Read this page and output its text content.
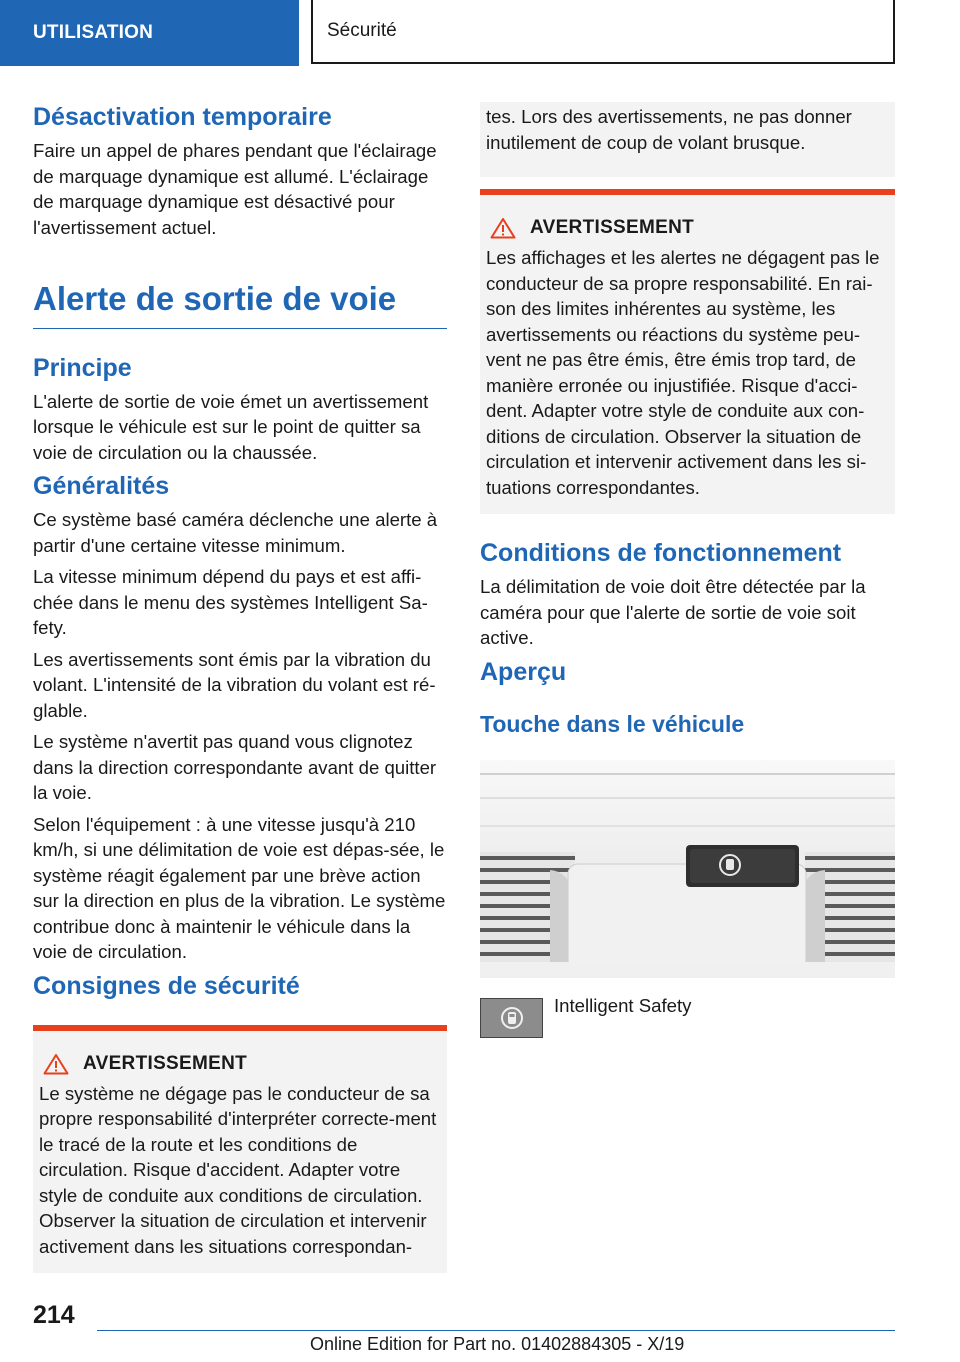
UTILISATION	Sécurité
Désactivation temporaire

Faire un appel de phares pendant que l'éclairage de marquage dynamique est allumé. L'éclairage de marquage dynamique est désactivé pour l'avertissement actuel.

Alerte de sortie de voie
Principe

L'alerte de sortie de voie émet un avertissement lorsque le véhicule est sur le point de quitter sa voie de circulation ou la chaussée.

Généralités

Ce système basé caméra déclenche une alerte à partir d'une certaine vitesse minimum.

La vitesse minimum dépend du pays et est affi‐chée dans le menu des systèmes Intelligent Sa‐fety.

Les avertissements sont émis par la vibration du volant. L'intensité de la vibration du volant est ré‐glable.

Le système n'avertit pas quand vous clignotez dans la direction correspondante avant de quitter la voie.

Selon l'équipement : à une vitesse jusqu'à 210 km/h, si une délimitation de voie est dépas‐sée, le système réagit également par une brève action sur la direction en plus de la vibration. Le système contribue donc à maintenir le véhicule dans la voie de circulation.

Consignes de sécurité
AVERTISSEMENT

Le système ne dégage pas le conducteur de sa propre responsabilité d'interpréter correcte‐ment le tracé de la route et les conditions de circulation. Risque d'accident. Adapter votre style de conduite aux conditions de circulation. Observer la situation de circulation et intervenir activement dans les situations correspondan‐

tes. Lors des avertissements, ne pas donner inutilement de coup de volant brusque.

AVERTISSEMENT

Les affichages et les alertes ne dégagent pas le conducteur de sa propre responsabilité. En rai‐son des limites inhérentes au système, les avertissements ou réactions du système peu‐vent ne pas être émis, être émis trop tard, de manière erronée ou injustifiée. Risque d'acci‐dent. Adapter votre style de conduite aux con‐ditions de circulation. Observer la situation de circulation et intervenir activement dans les si‐tuations correspondantes.

Conditions de fonctionnement

La délimitation de voie doit être détectée par la caméra pour que l'alerte de sortie de voie soit active.

Aperçu
Touche dans le véhicule
Intelligent Safety
214
Online Edition for Part no. 01402884305 - X/19
